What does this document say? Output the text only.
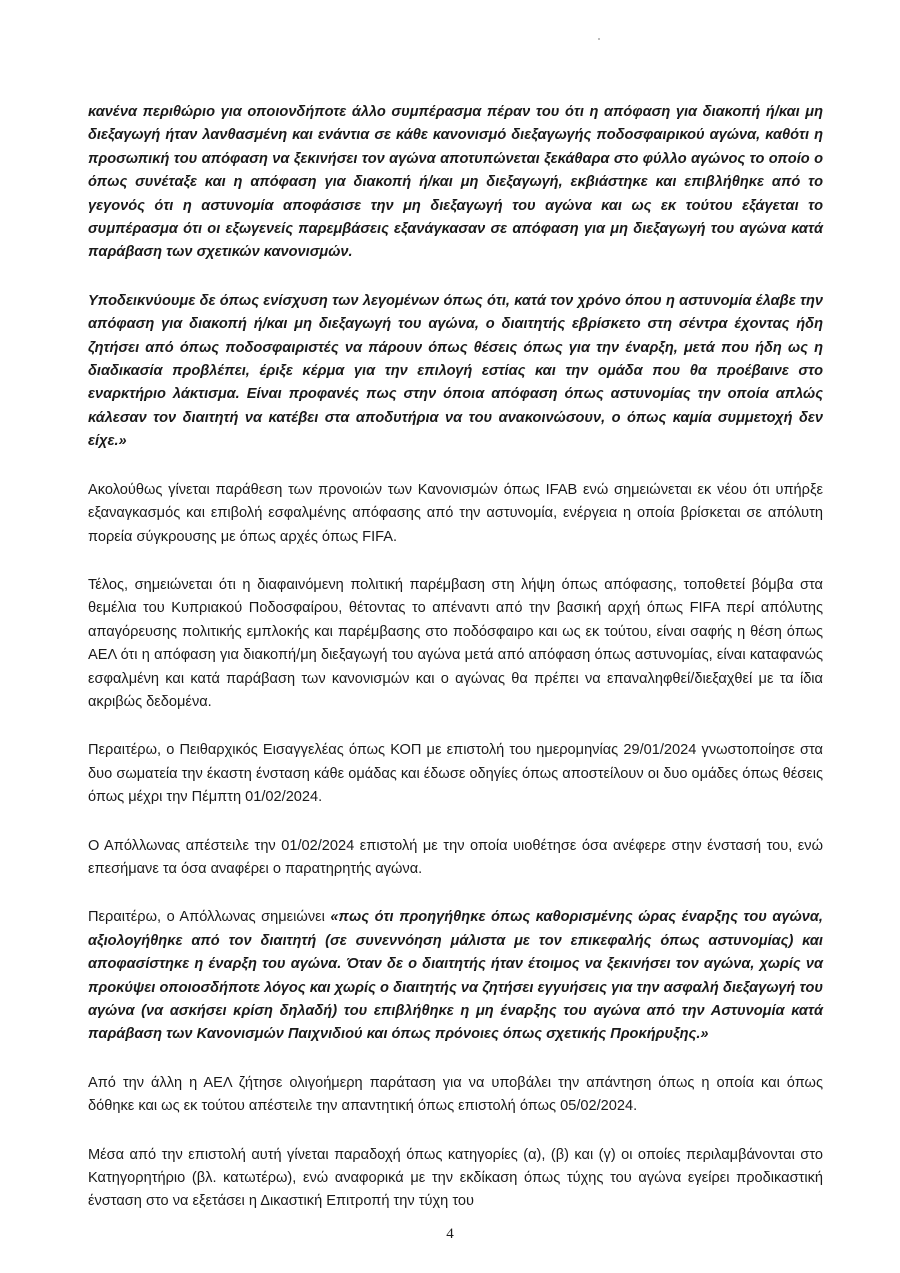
κανένα περιθώριο για οποιονδήποτε άλλο συμπέρασμα πέραν του ότι η απόφαση για διακοπή ή/και μη διεξαγωγή ήταν λανθασμένη και ενάντια σε κάθε κανονισμό διεξαγωγής ποδοσφαιρικού αγώνα, καθότι η προσωπική του απόφαση να ξεκινήσει τον αγώνα αποτυπώνεται ξεκάθαρα στο φύλλο αγώνος το οποίο ο όπως συνέταξε και η απόφαση για διακοπή ή/και μη διεξαγωγή, εκβιάστηκε και επιβλήθηκε από το γεγονός ότι η αστυνομία αποφάσισε την μη διεξαγωγή του αγώνα και ως εκ τούτου εξάγεται το συμπέρασμα ότι οι εξωγενείς παρεμβάσεις εξανάγκασαν σε απόφαση για μη διεξαγωγή του αγώνα κατά παράβαση των σχετικών κανονισμών.

Υποδεικνύουμε δε όπως ενίσχυση των λεγομένων όπως ότι, κατά τον χρόνο όπου η αστυνομία έλαβε την απόφαση για διακοπή ή/και μη διεξαγωγή του αγώνα, ο διαιτητής εβρίσκετο στη σέντρα έχοντας ήδη ζητήσει από όπως ποδοσφαιριστές να πάρουν όπως θέσεις όπως για την έναρξη, μετά που ήδη ως η διαδικασία προβλέπει, έριξε κέρμα για την επιλογή εστίας και την ομάδα που θα προέβαινε στο εναρκτήριο λάκτισμα. Είναι προφανές πως στην όποια απόφαση όπως αστυνομίας την οποία απλώς κάλεσαν τον διαιτητή να κατέβει στα αποδυτήρια να του ανακοινώσουν, ο όπως καμία συμμετοχή δεν είχε.»

Ακολούθως γίνεται παράθεση των προνοιών των Κανονισμών όπως IFAB ενώ σημειώνεται εκ νέου ότι υπήρξε εξαναγκασμός και επιβολή εσφαλμένης απόφασης από την αστυνομία, ενέργεια η οποία βρίσκεται σε απόλυτη πορεία σύγκρουσης με όπως αρχές όπως FIFA.

Τέλος, σημειώνεται ότι η διαφαινόμενη πολιτική παρέμβαση στη λήψη όπως απόφασης, τοποθετεί βόμβα στα θεμέλια του Κυπριακού Ποδοσφαίρου, θέτοντας το απέναντι από την βασική αρχή όπως FIFA περί απόλυτης απαγόρευσης πολιτικής εμπλοκής και παρέμβασης στο ποδόσφαιρο και ως εκ τούτου, είναι σαφής η θέση όπως ΑΕΛ ότι η απόφαση για διακοπή/μη διεξαγωγή του αγώνα μετά από απόφαση όπως αστυνομίας, είναι καταφανώς εσφαλμένη και κατά παράβαση των κανονισμών και ο αγώνας θα πρέπει να επαναληφθεί/διεξαχθεί με τα ίδια ακριβώς δεδομένα.

Περαιτέρω, ο Πειθαρχικός Εισαγγελέας όπως ΚΟΠ με επιστολή του ημερομηνίας 29/01/2024 γνωστοποίησε στα δυο σωματεία την έκαστη ένσταση κάθε ομάδας και έδωσε οδηγίες όπως αποστείλουν οι δυο ομάδες όπως θέσεις όπως μέχρι την Πέμπτη 01/02/2024.

Ο Απόλλωνας απέστειλε την 01/02/2024 επιστολή με την οποία υιοθέτησε όσα ανέφερε στην ένστασή του, ενώ επεσήμανε τα όσα αναφέρει ο παρατηρητής αγώνα.

Περαιτέρω, ο Απόλλωνας σημειώνει «πως ότι προηγήθηκε όπως καθορισμένης ώρας έναρξης του αγώνα, αξιολογήθηκε από τον διαιτητή (σε συνεννόηση μάλιστα με τον επικεφαλής όπως αστυνομίας) και αποφασίστηκε η έναρξη του αγώνα. Όταν δε ο διαιτητής ήταν έτοιμος να ξεκινήσει τον αγώνα, χωρίς να προκύψει οποιοσδήποτε λόγος και χωρίς ο διαιτητής να ζητήσει εγγυήσεις για την ασφαλή διεξαγωγή του αγώνα (να ασκήσει κρίση δηλαδή) του επιβλήθηκε η μη έναρξης του αγώνα από την Αστυνομία κατά παράβαση των Κανονισμών Παιχνιδιού και όπως πρόνοιες όπως σχετικής Προκήρυξης.»

Από την άλλη η ΑΕΛ ζήτησε ολιγοήμερη παράταση για να υποβάλει την απάντηση όπως η οποία και όπως δόθηκε και ως εκ τούτου απέστειλε την απαντητική όπως επιστολή όπως 05/02/2024.

Μέσα από την επιστολή αυτή γίνεται παραδοχή όπως κατηγορίες (α), (β) και (γ) οι οποίες περιλαμβάνονται στο Κατηγορητήριο (βλ. κατωτέρω), ενώ αναφορικά με την εκδίκαση όπως τύχης του αγώνα εγείρει προδικαστική ένσταση στο να εξετάσει η Δικαστική Επιτροπή την τύχη του

4
